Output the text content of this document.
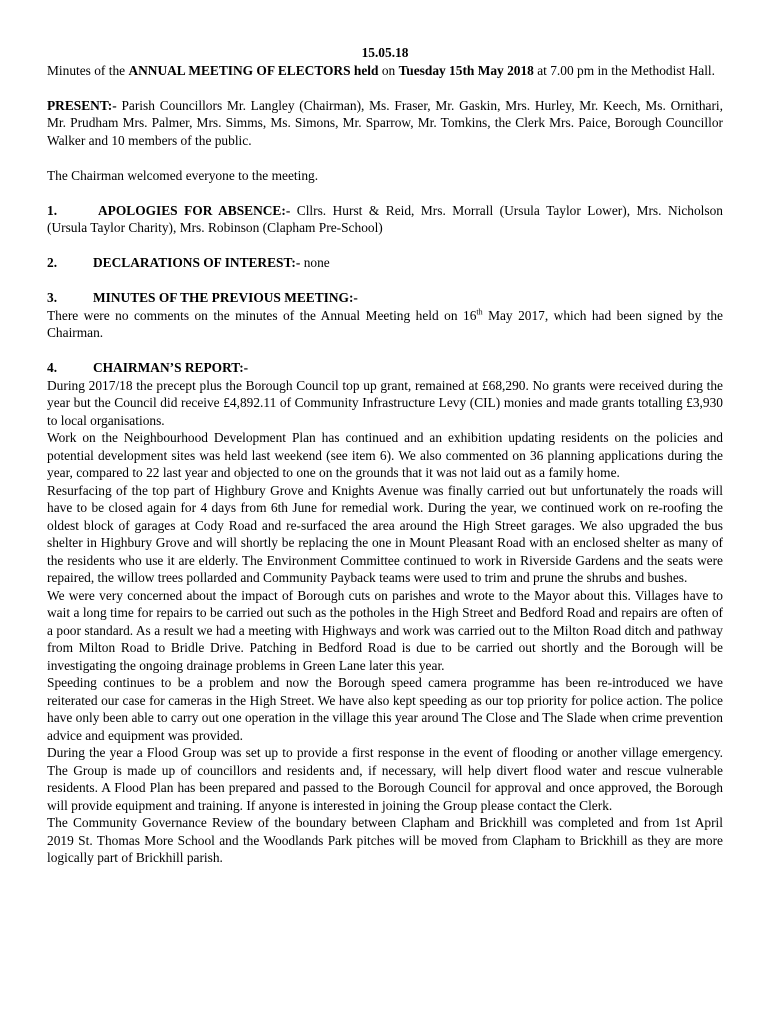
15.05.18

Minutes of the ANNUAL MEETING OF ELECTORS held on Tuesday 15th May 2018 at 7.00 pm in the Methodist Hall.

PRESENT:- Parish Councillors Mr. Langley (Chairman), Ms. Fraser, Mr. Gaskin, Mrs. Hurley, Mr. Keech, Ms. Ornithari, Mr. Prudham Mrs. Palmer, Mrs. Simms, Ms. Simons, Mr. Sparrow, Mr. Tomkins, the Clerk Mrs. Paice, Borough Councillor Walker and 10 members of the public.

The Chairman welcomed everyone to the meeting.

1.	APOLOGIES FOR ABSENCE:- Cllrs. Hurst & Reid, Mrs. Morrall (Ursula Taylor Lower), Mrs. Nicholson (Ursula Taylor Charity), Mrs. Robinson (Clapham Pre-School)

2.	DECLARATIONS OF INTEREST:- none

3.	MINUTES OF THE PREVIOUS MEETING:-

There were no comments on the minutes of the Annual Meeting held on 16th May 2017, which had been signed by the Chairman.

4.	CHAIRMAN’S REPORT:-

During 2017/18 the precept plus the Borough Council top up grant, remained at £68,290. No grants were received during the year but the Council did receive £4,892.11 of Community Infrastructure Levy (CIL) monies and made grants totalling £3,930 to local organisations.

Work on the Neighbourhood Development Plan has continued and an exhibition updating residents on the policies and potential development sites was held last weekend (see item 6). We also commented on 36 planning applications during the year, compared to 22 last year and objected to one on the grounds that it was not laid out as a family home.

Resurfacing of the top part of Highbury Grove and Knights Avenue was finally carried out but unfortunately the roads will have to be closed again for 4 days from 6th June for remedial work. During the year, we continued work on re-roofing the oldest block of garages at Cody Road and re-surfaced the area around the High Street garages. We also upgraded the bus shelter in Highbury Grove and will shortly be replacing the one in Mount Pleasant Road with an enclosed shelter as many of the residents who use it are elderly. The Environment Committee continued to work in Riverside Gardens and the seats were repaired, the willow trees pollarded and Community Payback teams were used to trim and prune the shrubs and bushes.

We were very concerned about the impact of Borough cuts on parishes and wrote to the Mayor about this. Villages have to wait a long time for repairs to be carried out such as the potholes in the High Street and Bedford Road and repairs are often of a poor standard. As a result we had a meeting with Highways and work was carried out to the Milton Road ditch and pathway from Milton Road to Bridle Drive. Patching in Bedford Road is due to be carried out shortly and the Borough will be investigating the ongoing drainage problems in Green Lane later this year.

Speeding continues to be a problem and now the Borough speed camera programme has been re-introduced we have reiterated our case for cameras in the High Street. We have also kept speeding as our top priority for police action. The police have only been able to carry out one operation in the village this year around The Close and The Slade when crime prevention advice and equipment was provided.

During the year a Flood Group was set up to provide a first response in the event of flooding or another village emergency. The Group is made up of councillors and residents and, if necessary, will help divert flood water and rescue vulnerable residents. A Flood Plan has been prepared and passed to the Borough Council for approval and once approved, the Borough will provide equipment and training. If anyone is interested in joining the Group please contact the Clerk.

The Community Governance Review of the boundary between Clapham and Brickhill was completed and from 1st April 2019 St. Thomas More School and the Woodlands Park pitches will be moved from Clapham to Brickhill as they are more logically part of Brickhill parish.
